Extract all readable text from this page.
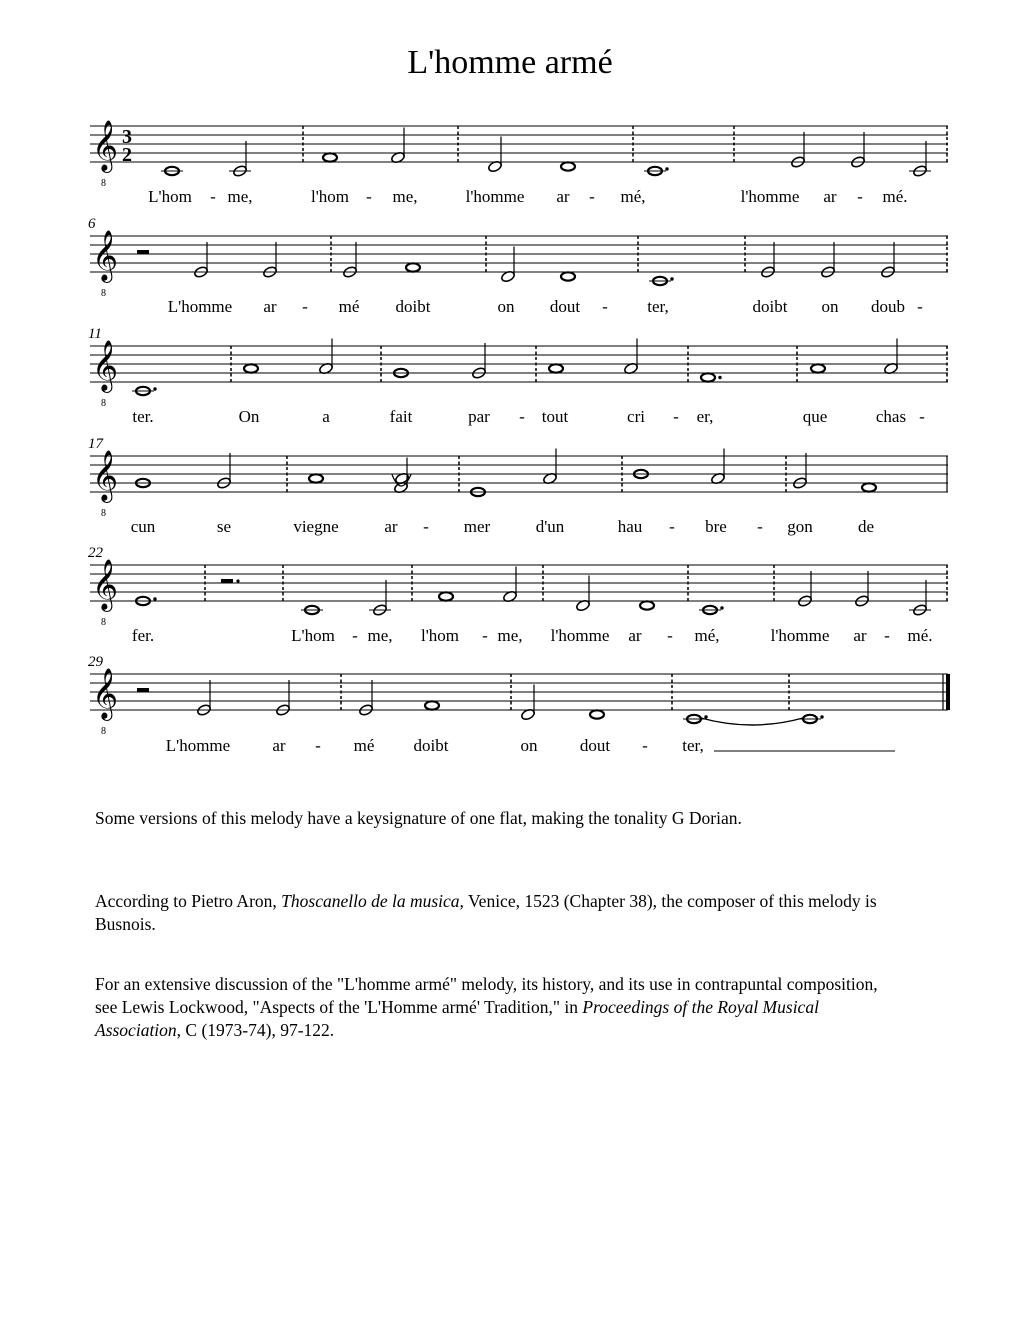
L'homme armé
𝄞
8
3
2
L'hom - me,	l'hom - me,	l'homme ar - mé,	l'homme ar - mé.
𝄞
8
6
L'homme ar - mé doibt	on dout - ter,	doibt on doub -
𝄞
8
11
ter.	On	a	fait	par - tout	cri - er,	que	chas -
𝄞
8
17
cun	se	viegne	ar - mer	d'un	hau - bre - gon	de
𝄞
8
22
fer.	L'hom - me, l'hom - me, l'homme ar - mé,	l'homme ar - mé.
𝄞
8
29
L'homme ar - mé doibt	on dout - ter,

Some versions of this melody have a keysignature of one flat, making the tonality G Dorian.

According to Pietro Aron, Thoscanello de la musica, Venice, 1523 (Chapter 38), the composer of this melody is Busnois.

For an extensive discussion of the "L'homme armé" melody, its history, and its use in contrapuntal composition, see Lewis Lockwood, "Aspects of the 'L'Homme armé' Tradition," in Proceedings of the Royal Musical Association, C (1973-74), 97-122.
